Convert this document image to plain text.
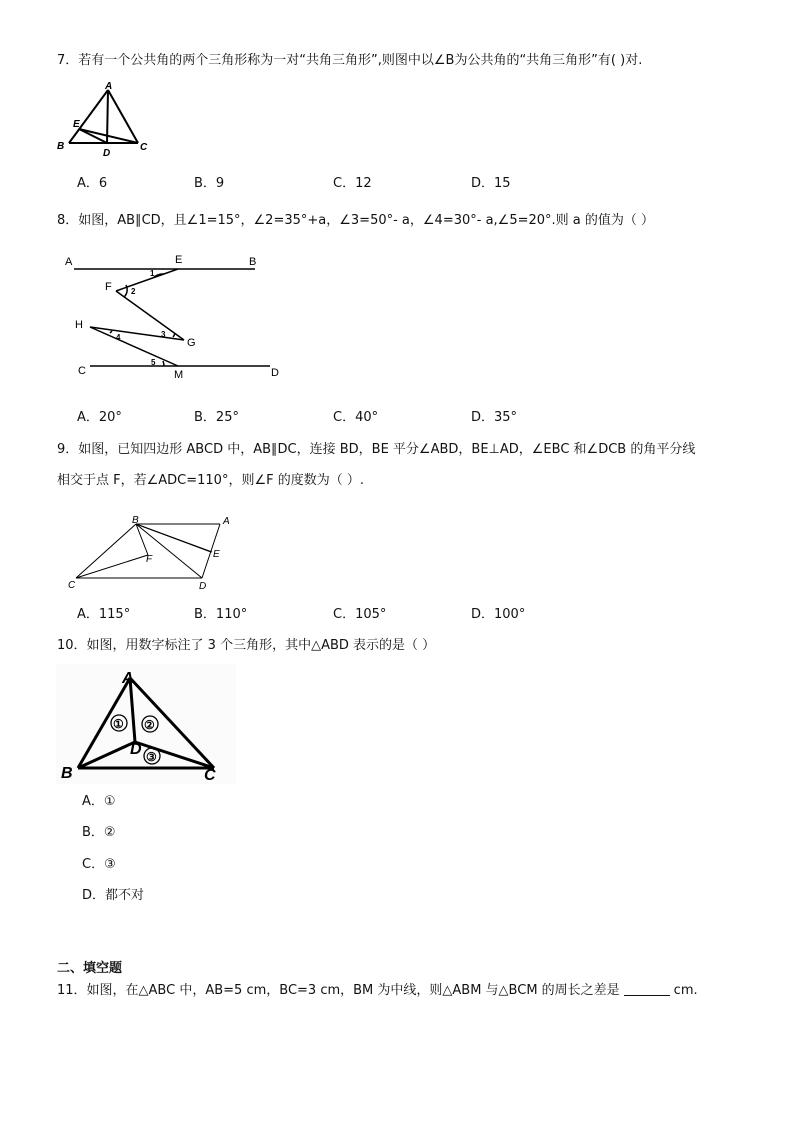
7．若有一个公共角的两个三角形称为一对“共角三角形”,则图中以∠B为公共角的“共角三角形”有( )对.
A
B	C
D
E
A．6	B．9	C．12	D．15
8．如图，AB∥CD，且∠1=15°，∠2=35°+a，∠3=50°- a，∠4=30°- a,∠5=20°.则 a 的值为（ ）
A	E	B
F
H
G
C	M	D
1
2
3
4
5
A．20°	B．25°	C．40°	D．35°
9．如图，已知四边形 ABCD 中，AB∥DC，连接 BD，BE 平分∠ABD，BE⊥AD，∠EBC 和∠DCB 的角平分线
相交于点 F，若∠ADC=110°，则∠F 的度数为（ ）.
B	A
C	D
E
F
A．115°	B．110°	C．105°	D．100°
10．如图，用数字标注了 3 个三角形，其中△ABD 表示的是（ ）
① ②
③
A
B	C
D
A．①
B．②
C．③
D．都不对
二、填空题
11．如图，在△ABC 中，AB=5 cm，BC=3 cm，BM 为中线，则△ABM 与△BCM 的周长之差是	cm.
